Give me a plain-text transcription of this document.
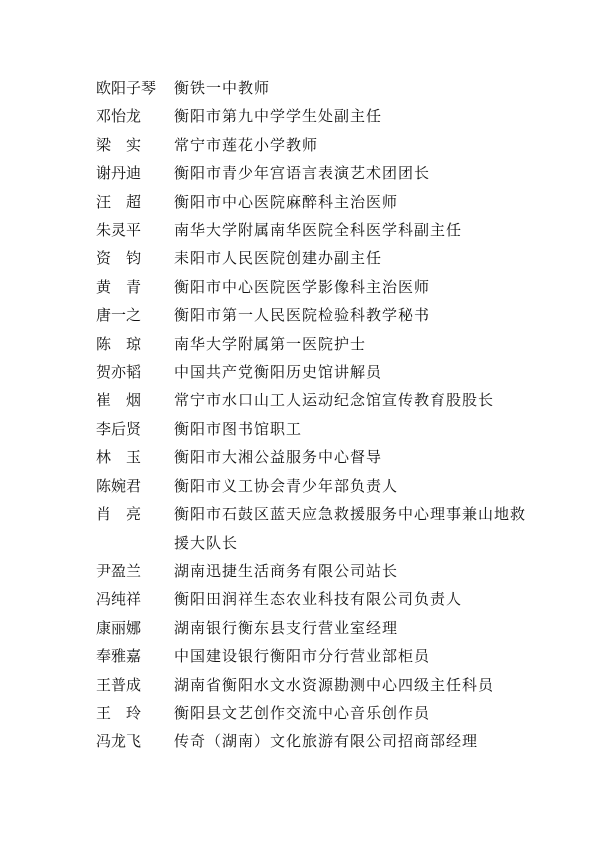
欧阳子琴	衡铁一中教师
邓怡龙	衡阳市第九中学学生处副主任
梁　实	常宁市莲花小学教师
谢丹迪	衡阳市青少年宫语言表演艺术团团长
汪　超	衡阳市中心医院麻醉科主治医师
朱灵平	南华大学附属南华医院全科医学科副主任
资　钧	耒阳市人民医院创建办副主任
黄　青	衡阳市中心医院医学影像科主治医师
唐一之	衡阳市第一人民医院检验科教学秘书
陈　琼	南华大学附属第一医院护士
贺亦韬	中国共产党衡阳历史馆讲解员
崔　烟	常宁市水口山工人运动纪念馆宣传教育股股长
李后贤	衡阳市图书馆职工
林　玉	衡阳市大湘公益服务中心督导
陈婉君	衡阳市义工协会青少年部负责人
肖　亮	衡阳市石鼓区蓝天应急救援服务中心理事兼山地救援大队长
尹盈兰	湖南迅捷生活商务有限公司站长
冯纯祥	衡阳田润祥生态农业科技有限公司负责人
康丽娜	湖南银行衡东县支行营业室经理
奉雅嘉	中国建设银行衡阳市分行营业部柜员
王普成	湖南省衡阳水文水资源勘测中心四级主任科员
王　玲	衡阳县文艺创作交流中心音乐创作员
冯龙飞	传奇（湖南）文化旅游有限公司招商部经理
